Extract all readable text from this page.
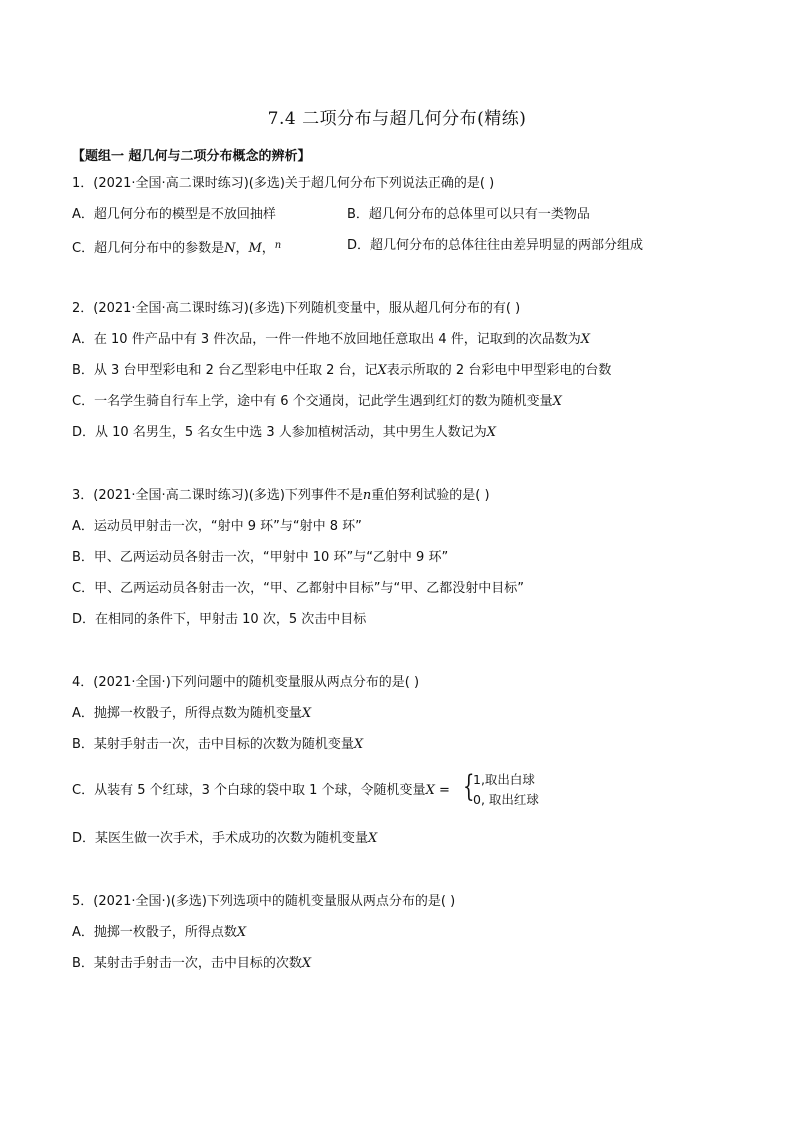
7.4 二项分布与超几何分布(精练)
【题组一 超几何与二项分布概念的辨析】
1．(2021·全国·高二课时练习)(多选)关于超几何分布下列说法正确的是( )
A．超几何分布的模型是不放回抽样	B．超几何分布的总体里可以只有一类物品
C．超几何分布中的参数是N，M，$^n$	D．超几何分布的总体往往由差异明显的两部分组成
2．(2021·全国·高二课时练习)(多选)下列随机变量中，服从超几何分布的有( )
A．在 10 件产品中有 3 件次品，一件一件地不放回地任意取出 4 件，记取到的次品数为X
B．从 3 台甲型彩电和 2 台乙型彩电中任取 2 台，记X表示所取的 2 台彩电中甲型彩电的台数
C．一名学生骑自行车上学，途中有 6 个交通岗，记此学生遇到红灯的数为随机变量X
D．从 10 名男生，5 名女生中选 3 人参加植树活动，其中男生人数记为X
3．(2021·全国·高二课时练习)(多选)下列事件不是n重伯努利试验的是( )
A．运动员甲射击一次，“射中 9 环”与“射中 8 环”
B．甲、乙两运动员各射击一次，“甲射中 10 环”与“乙射中 9 环”
C．甲、乙两运动员各射击一次，“甲、乙都射中目标”与“甲、乙都没射中目标”
D．在相同的条件下，甲射击 10 次，5 次击中目标
4．(2021·全国·)下列问题中的随机变量服从两点分布的是( )
A．抛掷一枚骰子，所得点数为随机变量X
B．某射手射击一次，击中目标的次数为随机变量X
C．从装有 5 个红球，3 个白球的袋中取 1 个球，令随机变量X = {
1,取出白球
0, 取出红球
D．某医生做一次手术，手术成功的次数为随机变量X
5．(2021·全国·)(多选)下列选项中的随机变量服从两点分布的是( )
A．抛掷一枚骰子，所得点数X
B．某射击手射击一次，击中目标的次数X
